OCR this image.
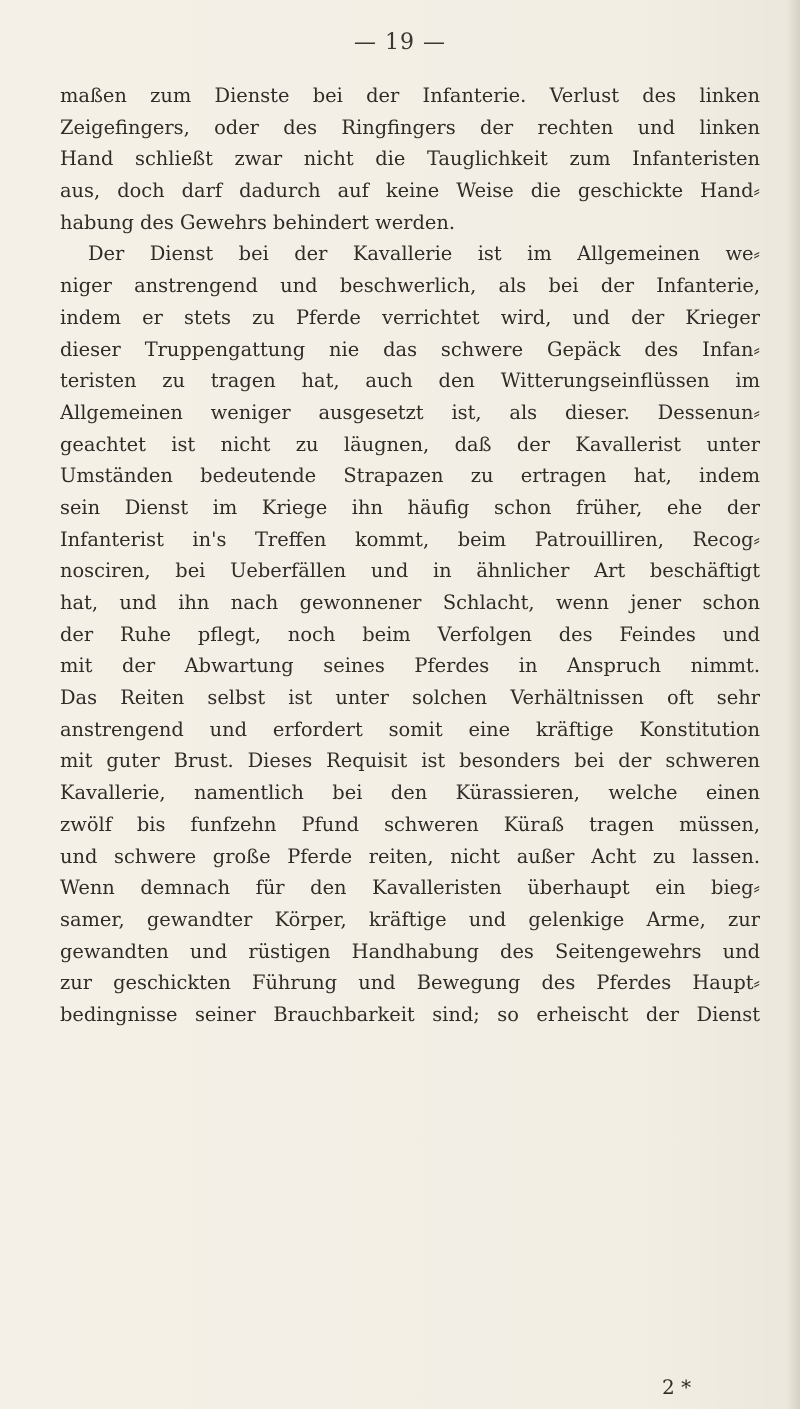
— 19 —
maßen zum Dienste bei der Infanterie. Verlust des linken
Zeigefingers, oder des Ringfingers der rechten und linken
Hand schließt zwar nicht die Tauglichkeit zum Infanteristen
aus, doch darf dadurch auf keine Weise die geschickte Hand⸗
habung des Gewehrs behindert werden.
Der Dienst bei der Kavallerie ist im Allgemeinen we⸗
niger anstrengend und beschwerlich, als bei der Infanterie,
indem er stets zu Pferde verrichtet wird, und der Krieger
dieser Truppengattung nie das schwere Gepäck des Infan⸗
teristen zu tragen hat, auch den Witterungseinflüssen im
Allgemeinen weniger ausgesetzt ist, als dieser. Dessenun⸗
geachtet ist nicht zu läugnen, daß der Kavallerist unter
Umständen bedeutende Strapazen zu ertragen hat, indem
sein Dienst im Kriege ihn häufig schon früher, ehe der
Infanterist in's Treffen kommt, beim Patrouilliren, Recog⸗
nosciren, bei Ueberfällen und in ähnlicher Art beschäftigt
hat, und ihn nach gewonnener Schlacht, wenn jener schon
der Ruhe pflegt, noch beim Verfolgen des Feindes und
mit der Abwartung seines Pferdes in Anspruch nimmt.
Das Reiten selbst ist unter solchen Verhältnissen oft sehr
anstrengend und erfordert somit eine kräftige Konstitution
mit guter Brust. Dieses Requisit ist besonders bei der schweren
Kavallerie, namentlich bei den Kürassieren, welche einen
zwölf bis funfzehn Pfund schweren Küraß tragen müssen,
und schwere große Pferde reiten, nicht außer Acht zu lassen.
Wenn demnach für den Kavalleristen überhaupt ein bieg⸗
samer, gewandter Körper, kräftige und gelenkige Arme, zur
gewandten und rüstigen Handhabung des Seitengewehrs und
zur geschickten Führung und Bewegung des Pferdes Haupt⸗
bedingnisse seiner Brauchbarkeit sind; so erheischt der Dienst
2 *
